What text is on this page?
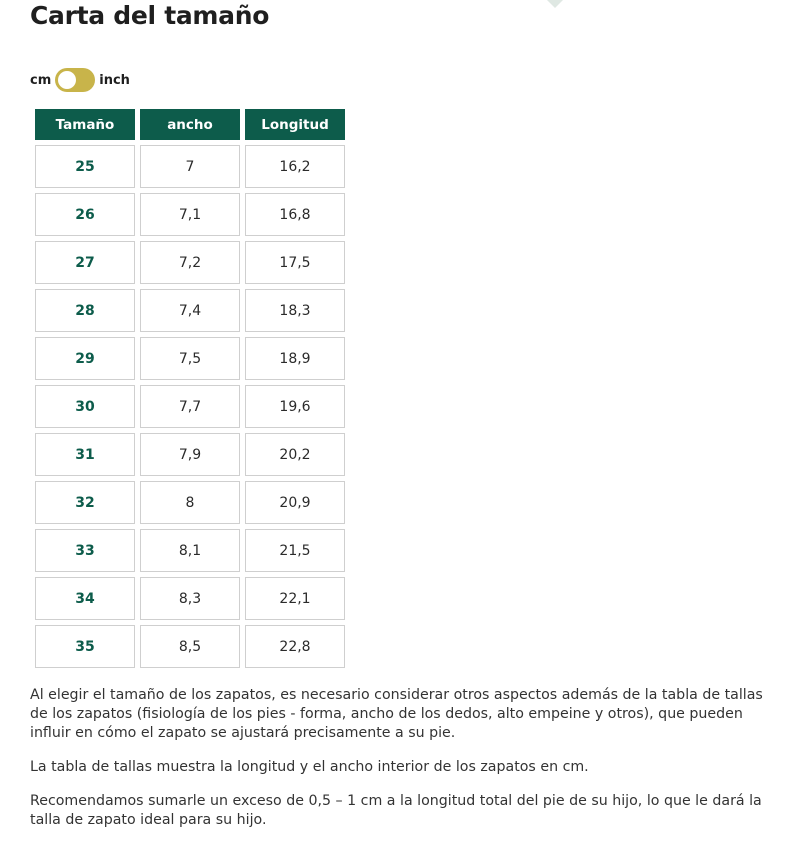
Carta del tamaño
cm	inch
Tamaño	ancho	Longitud
25	7	16,2
26	7,1	16,8
27	7,2	17,5
28	7,4	18,3
29	7,5	18,9
30	7,7	19,6
31	7,9	20,2
32	8	20,9
33	8,1	21,5
34	8,3	22,1
35	8,5	22,8

Al elegir el tamaño de los zapatos, es necesario considerar otros aspectos además de la tabla de tallas de los zapatos (fisiología de los pies - forma, ancho de los dedos, alto empeine y otros), que pueden influir en cómo el zapato se ajustará precisamente a su pie.

La tabla de tallas muestra la longitud y el ancho interior de los zapatos en cm.

Recomendamos sumarle un exceso de 0,5 – 1 cm a la longitud total del pie de su hijo, lo que le dará la talla de zapato ideal para su hijo.
